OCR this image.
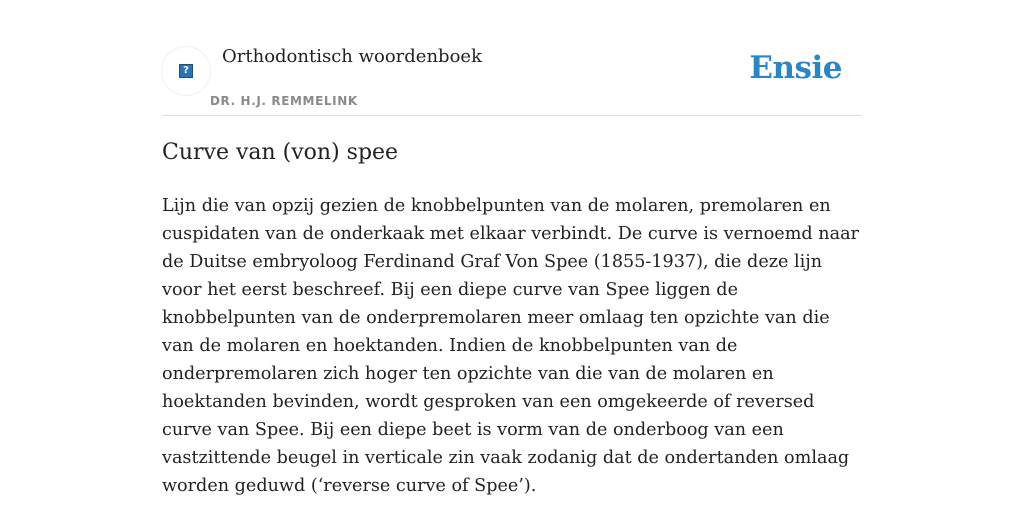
?
Orthodontisch woordenboek
DR. H.J. REMMELINK
Ensie
Curve van (von) spee

Lijn die van opzij gezien de knobbelpunten van de molaren, premolaren en cuspidaten van de onderkaak met elkaar verbindt. De curve is vernoemd naar de Duitse embryoloog Ferdinand Graf Von Spee (1855-1937), die deze lijn voor het eerst beschreef. Bij een diepe curve van Spee liggen de knobbelpunten van de onderpremolaren meer omlaag ten opzichte van die van de molaren en hoektanden. Indien de knobbelpunten van de onderpremolaren zich hoger ten opzichte van die van de molaren en hoektanden bevinden, wordt gesproken van een omgekeerde of reversed curve van Spee. Bij een diepe beet is vorm van de onderboog van een vastzittende beugel in verticale zin vaak zodanig dat de ondertanden omlaag worden geduwd (‘reverse curve of Spee’).
